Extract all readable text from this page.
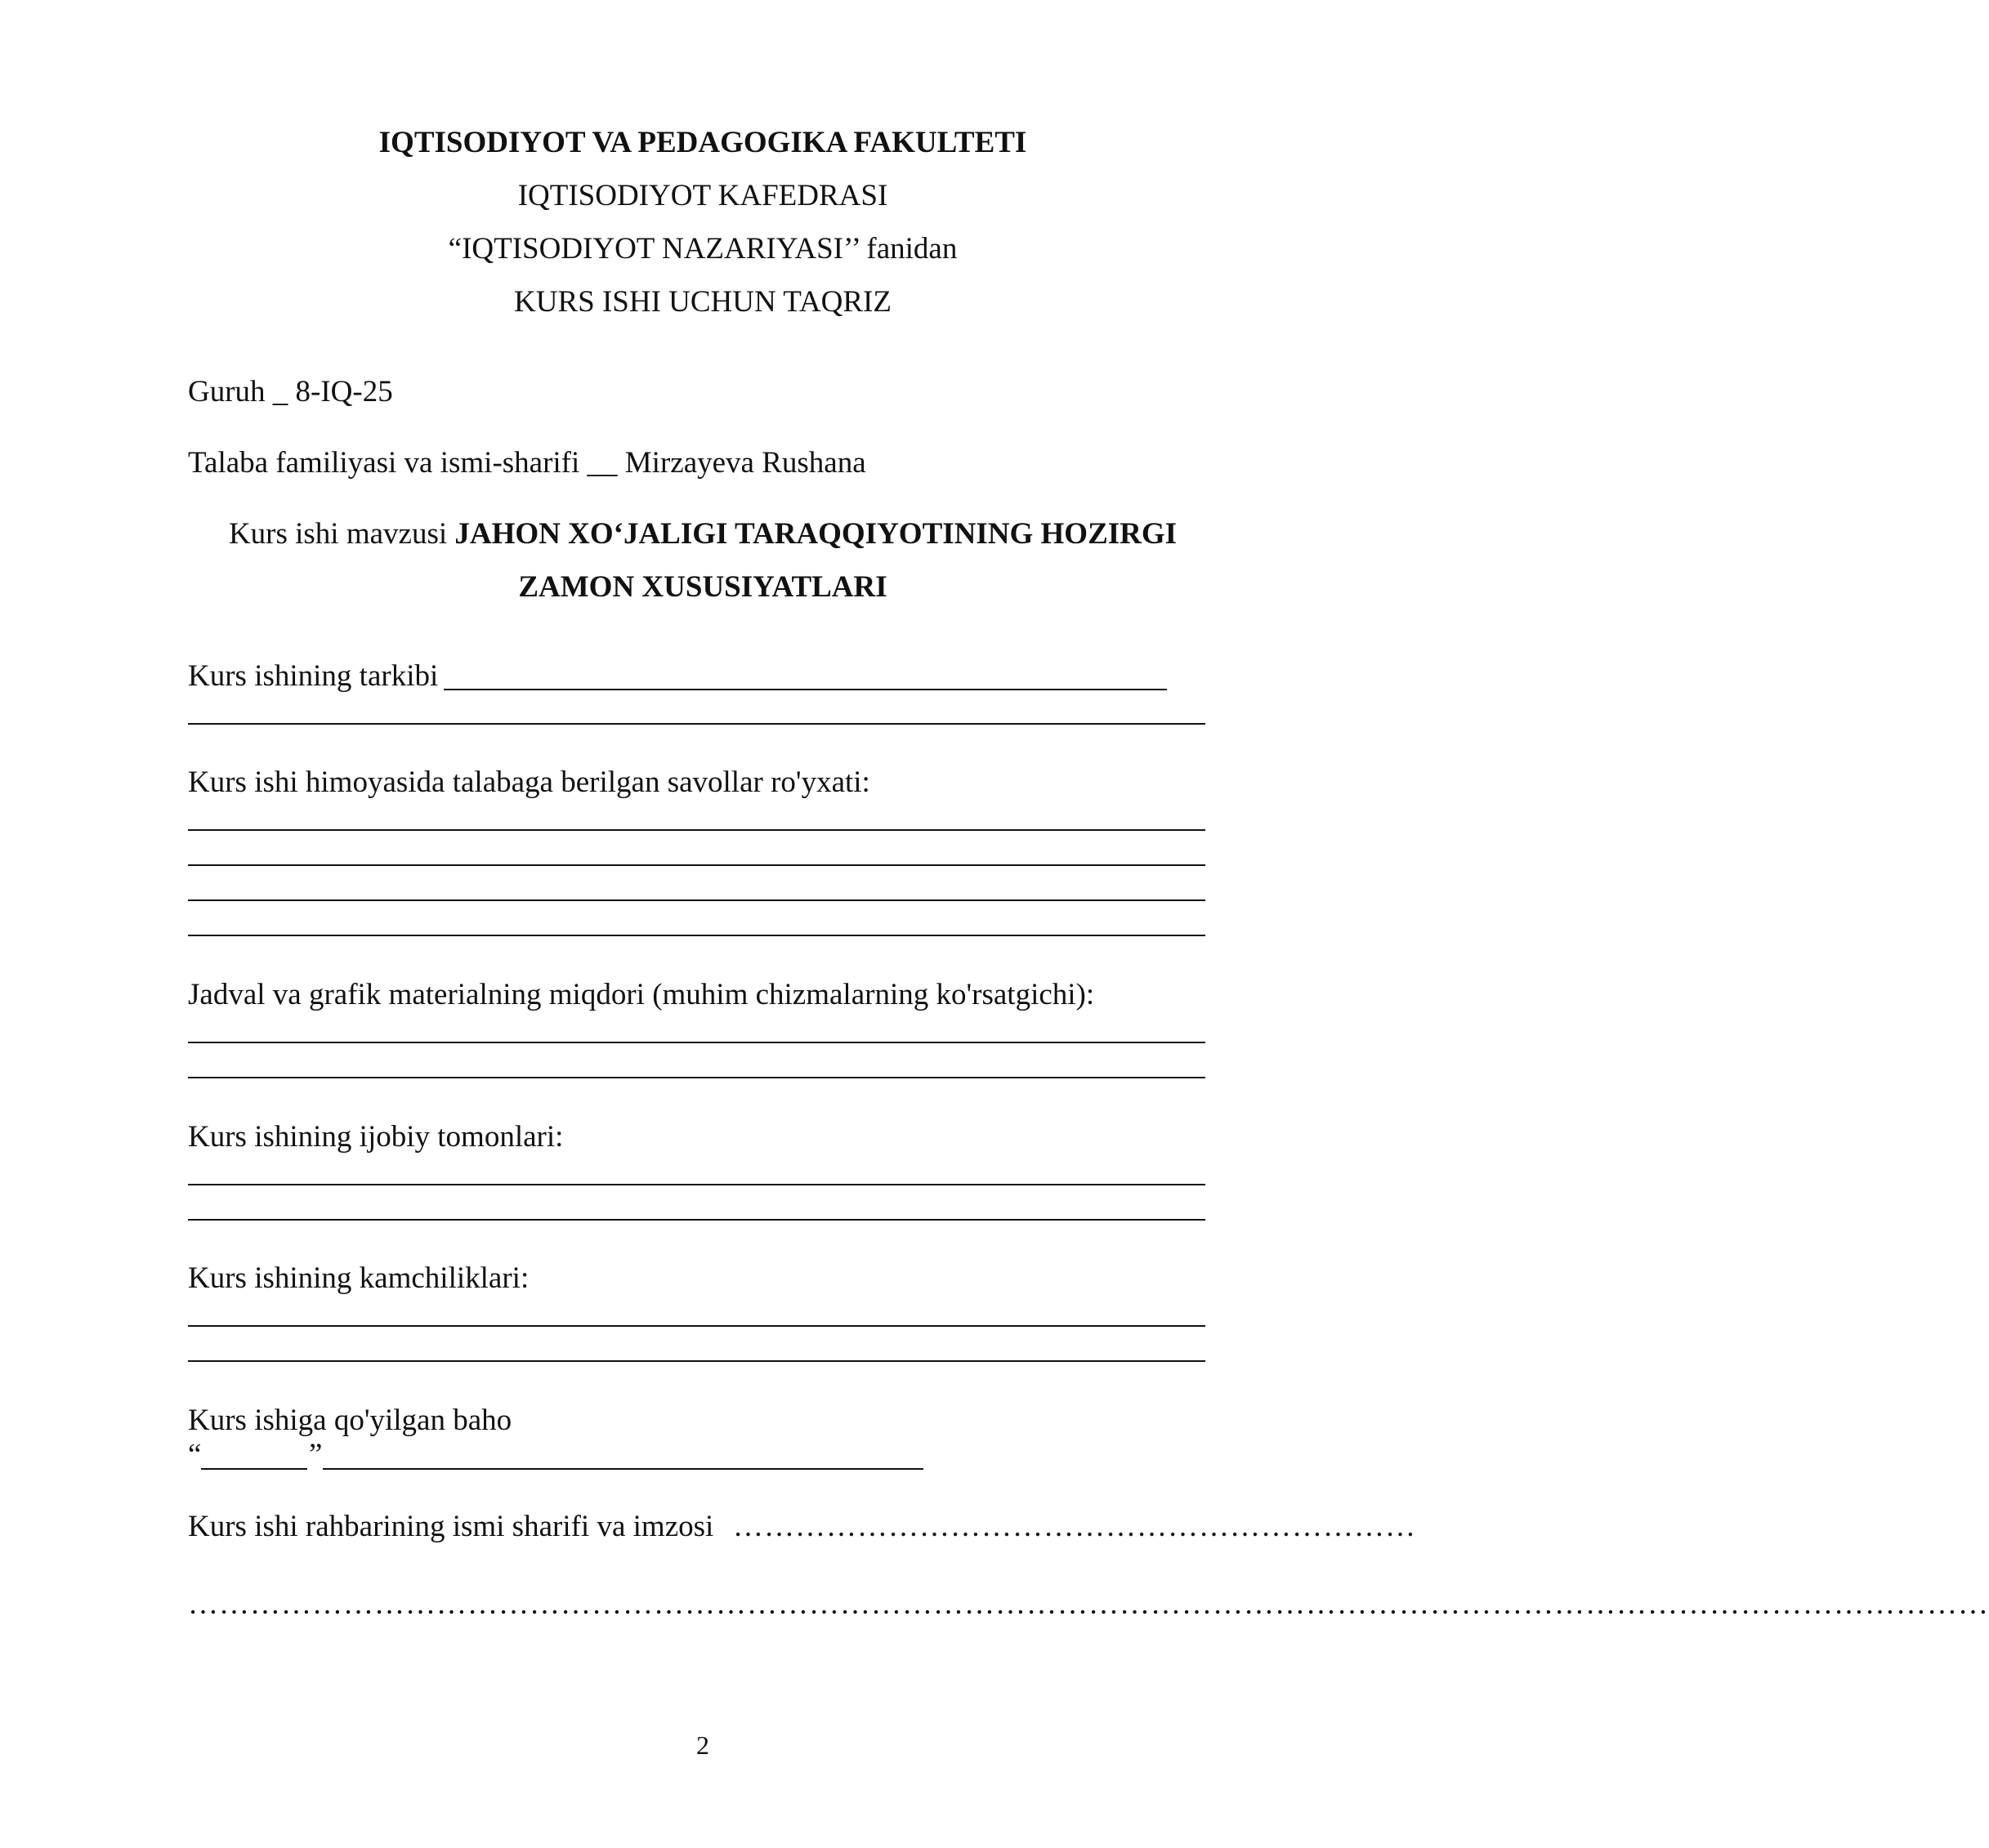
IQTISODIYOT VA PEDAGOGIKA FAKULTETI
IQTISODIYOT KAFEDRASI
“IQTISODIYOT NAZARIYASI’’ fanidan
KURS ISHI UCHUN TAQRIZ
Guruh _ 8-IQ-25
Talaba familiyasi va ismi-sharifi __ Mirzayeva Rushana
Kurs ishi mavzusi JAHON XO‘JALIGI TARAQQIYOTINING HOZIRGI
ZAMON XUSUSIYATLARI
Kurs ishining tarkibi
Kurs ishi himoyasida talabaga berilgan savollar ro'yxati:
Jadval va grafik materialning miqdori (muhim chizmalarning ko'rsatgichi):
Kurs ishining ijobiy tomonlari:
Kurs ishining kamchiliklari:
Kurs ishiga qo'yilgan baho
“	”
Kurs ishi rahbarining ismi sharifi va imzosi …………………………………………………………
…………………………………………………………………………………………………………………………………………………………
2
